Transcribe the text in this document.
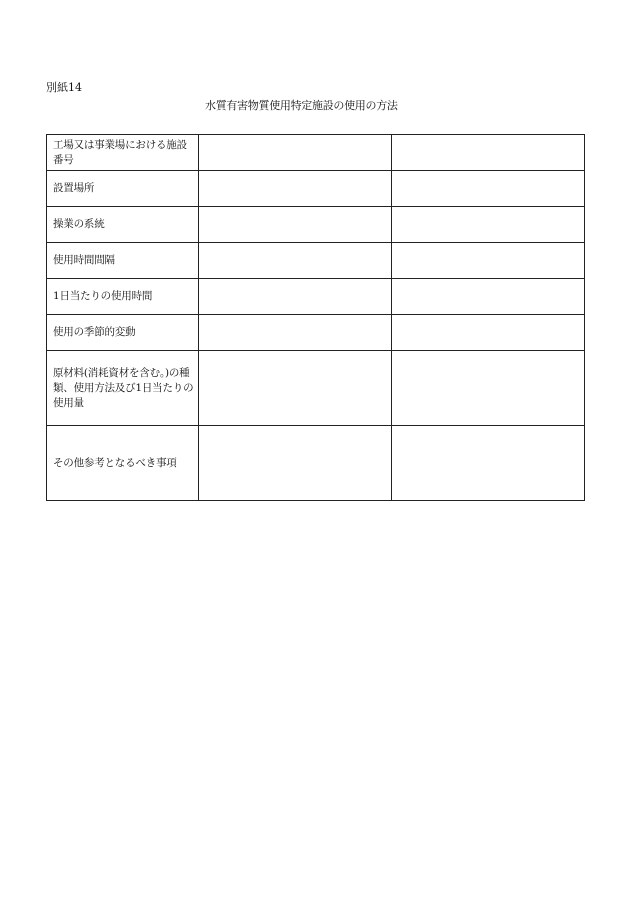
別紙14
水質有害物質使用特定施設の使用の方法
工場又は事業場における施設番号		

設置場所		

操業の系統		

使用時間間隔		

1日当たりの使用時間		

使用の季節的変動		

原材料(消耗資材を含む。)の種類、使用方法及び1日当たりの使用量		

その他参考となるべき事項		
